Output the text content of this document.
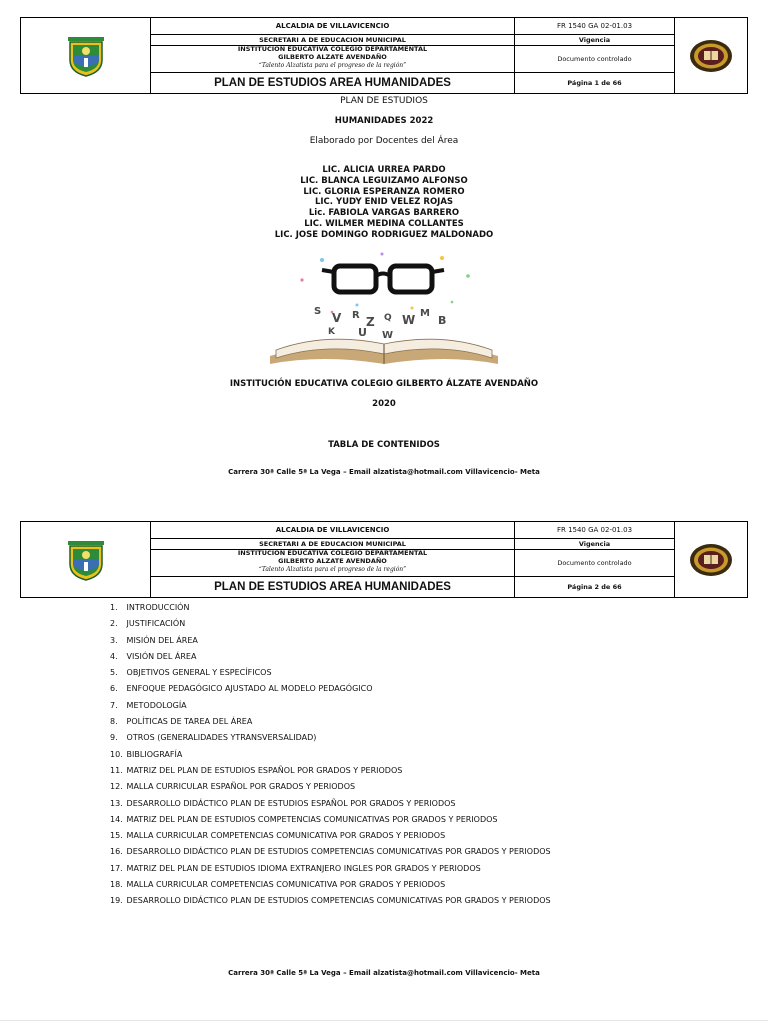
ALCALDIA DE VILLAVICENCIO
SECRETARI A DE EDUCACION MUNICIPAL
INSTITUCION EDUCATIVA COLEGIO DEPARTAMENTAL
GILBERTO ALZATE AVENDAÑO
“Talento Alzatista para el progreso de la región”
PLAN DE ESTUDIOS AREA HUMANIDADES
FR 1540 GA 02-01.03
Vigencia
Documento controlado
Página 1 de 66
PLAN DE ESTUDIOS
HUMANIDADES 2022
Elaborado por Docentes del Área
LIC. ALICIA URREA PARDO
LIC. BLANCA LEGUIZAMO ALFONSO
LIC. GLORIA ESPERANZA ROMERO
LIC. YUDY ENID VELEZ ROJAS
Lic. FABIOLA VARGAS BARRERO
LIC. WILMER MEDINA COLLANTES
LIC. JOSE DOMINGO RODRIGUEZ MALDONADO
S V R Z Q W M
B
U W
K
INSTITUCIÓN EDUCATIVA COLEGIO GILBERTO ÁLZATE AVENDAÑO
2020
TABLA DE CONTENIDOS
Carrera 30ª Calle 5ª La Vega – Email alzatista@hotmail.com Villavicencio- Meta
ALCALDIA DE VILLAVICENCIO
SECRETARI A DE EDUCACION MUNICIPAL
INSTITUCION EDUCATIVA COLEGIO DEPARTAMENTAL
GILBERTO ALZATE AVENDAÑO
“Talento Alzatista para el progreso de la región”
PLAN DE ESTUDIOS AREA HUMANIDADES
FR 1540 GA 02-01.03
Vigencia
Documento controlado
Página 2 de 66
Carrera 30ª Calle 5ª La Vega – Email alzatista@hotmail.com Villavicencio- Meta
1. INTRODUCCIÓN
2. JUSTIFICACIÓN
3. MISIÓN DEL ÁREA
4. VISIÓN DEL ÁREA
5. OBJETIVOS GENERAL Y ESPECÍFICOS
6. ENFOQUE PEDAGÓGICO AJUSTADO AL MODELO PEDAGÓGICO
7. METODOLOGÍA
8. POLÍTICAS DE TAREA DEL ÁREA
9. OTROS (GENERALIDADES YTRANSVERSALIDAD)
10. BIBLIOGRAFÍA
11. MATRIZ DEL PLAN DE ESTUDIOS ESPAÑOL POR GRADOS Y PERIODOS
12. MALLA CURRICULAR ESPAÑOL POR GRADOS Y PERIODOS
13. DESARROLLO DIDÁCTICO PLAN DE ESTUDIOS ESPAÑOL POR GRADOS Y PERIODOS
14. MATRIZ DEL PLAN DE ESTUDIOS COMPETENCIAS COMUNICATIVAS POR GRADOS Y PERIODOS
15. MALLA CURRICULAR COMPETENCIAS COMUNICATIVA POR GRADOS Y PERIODOS
16. DESARROLLO DIDÁCTICO PLAN DE ESTUDIOS COMPETENCIAS COMUNICATIVAS POR GRADOS Y PERIODOS
17. MATRIZ DEL PLAN DE ESTUDIOS IDIOMA EXTRANJERO INGLES POR GRADOS Y PERIODOS
18. MALLA CURRICULAR COMPETENCIAS COMUNICATIVA POR GRADOS Y PERIODOS
19. DESARROLLO DIDÁCTICO PLAN DE ESTUDIOS COMPETENCIAS COMUNICATIVAS POR GRADOS Y PERIODOS
